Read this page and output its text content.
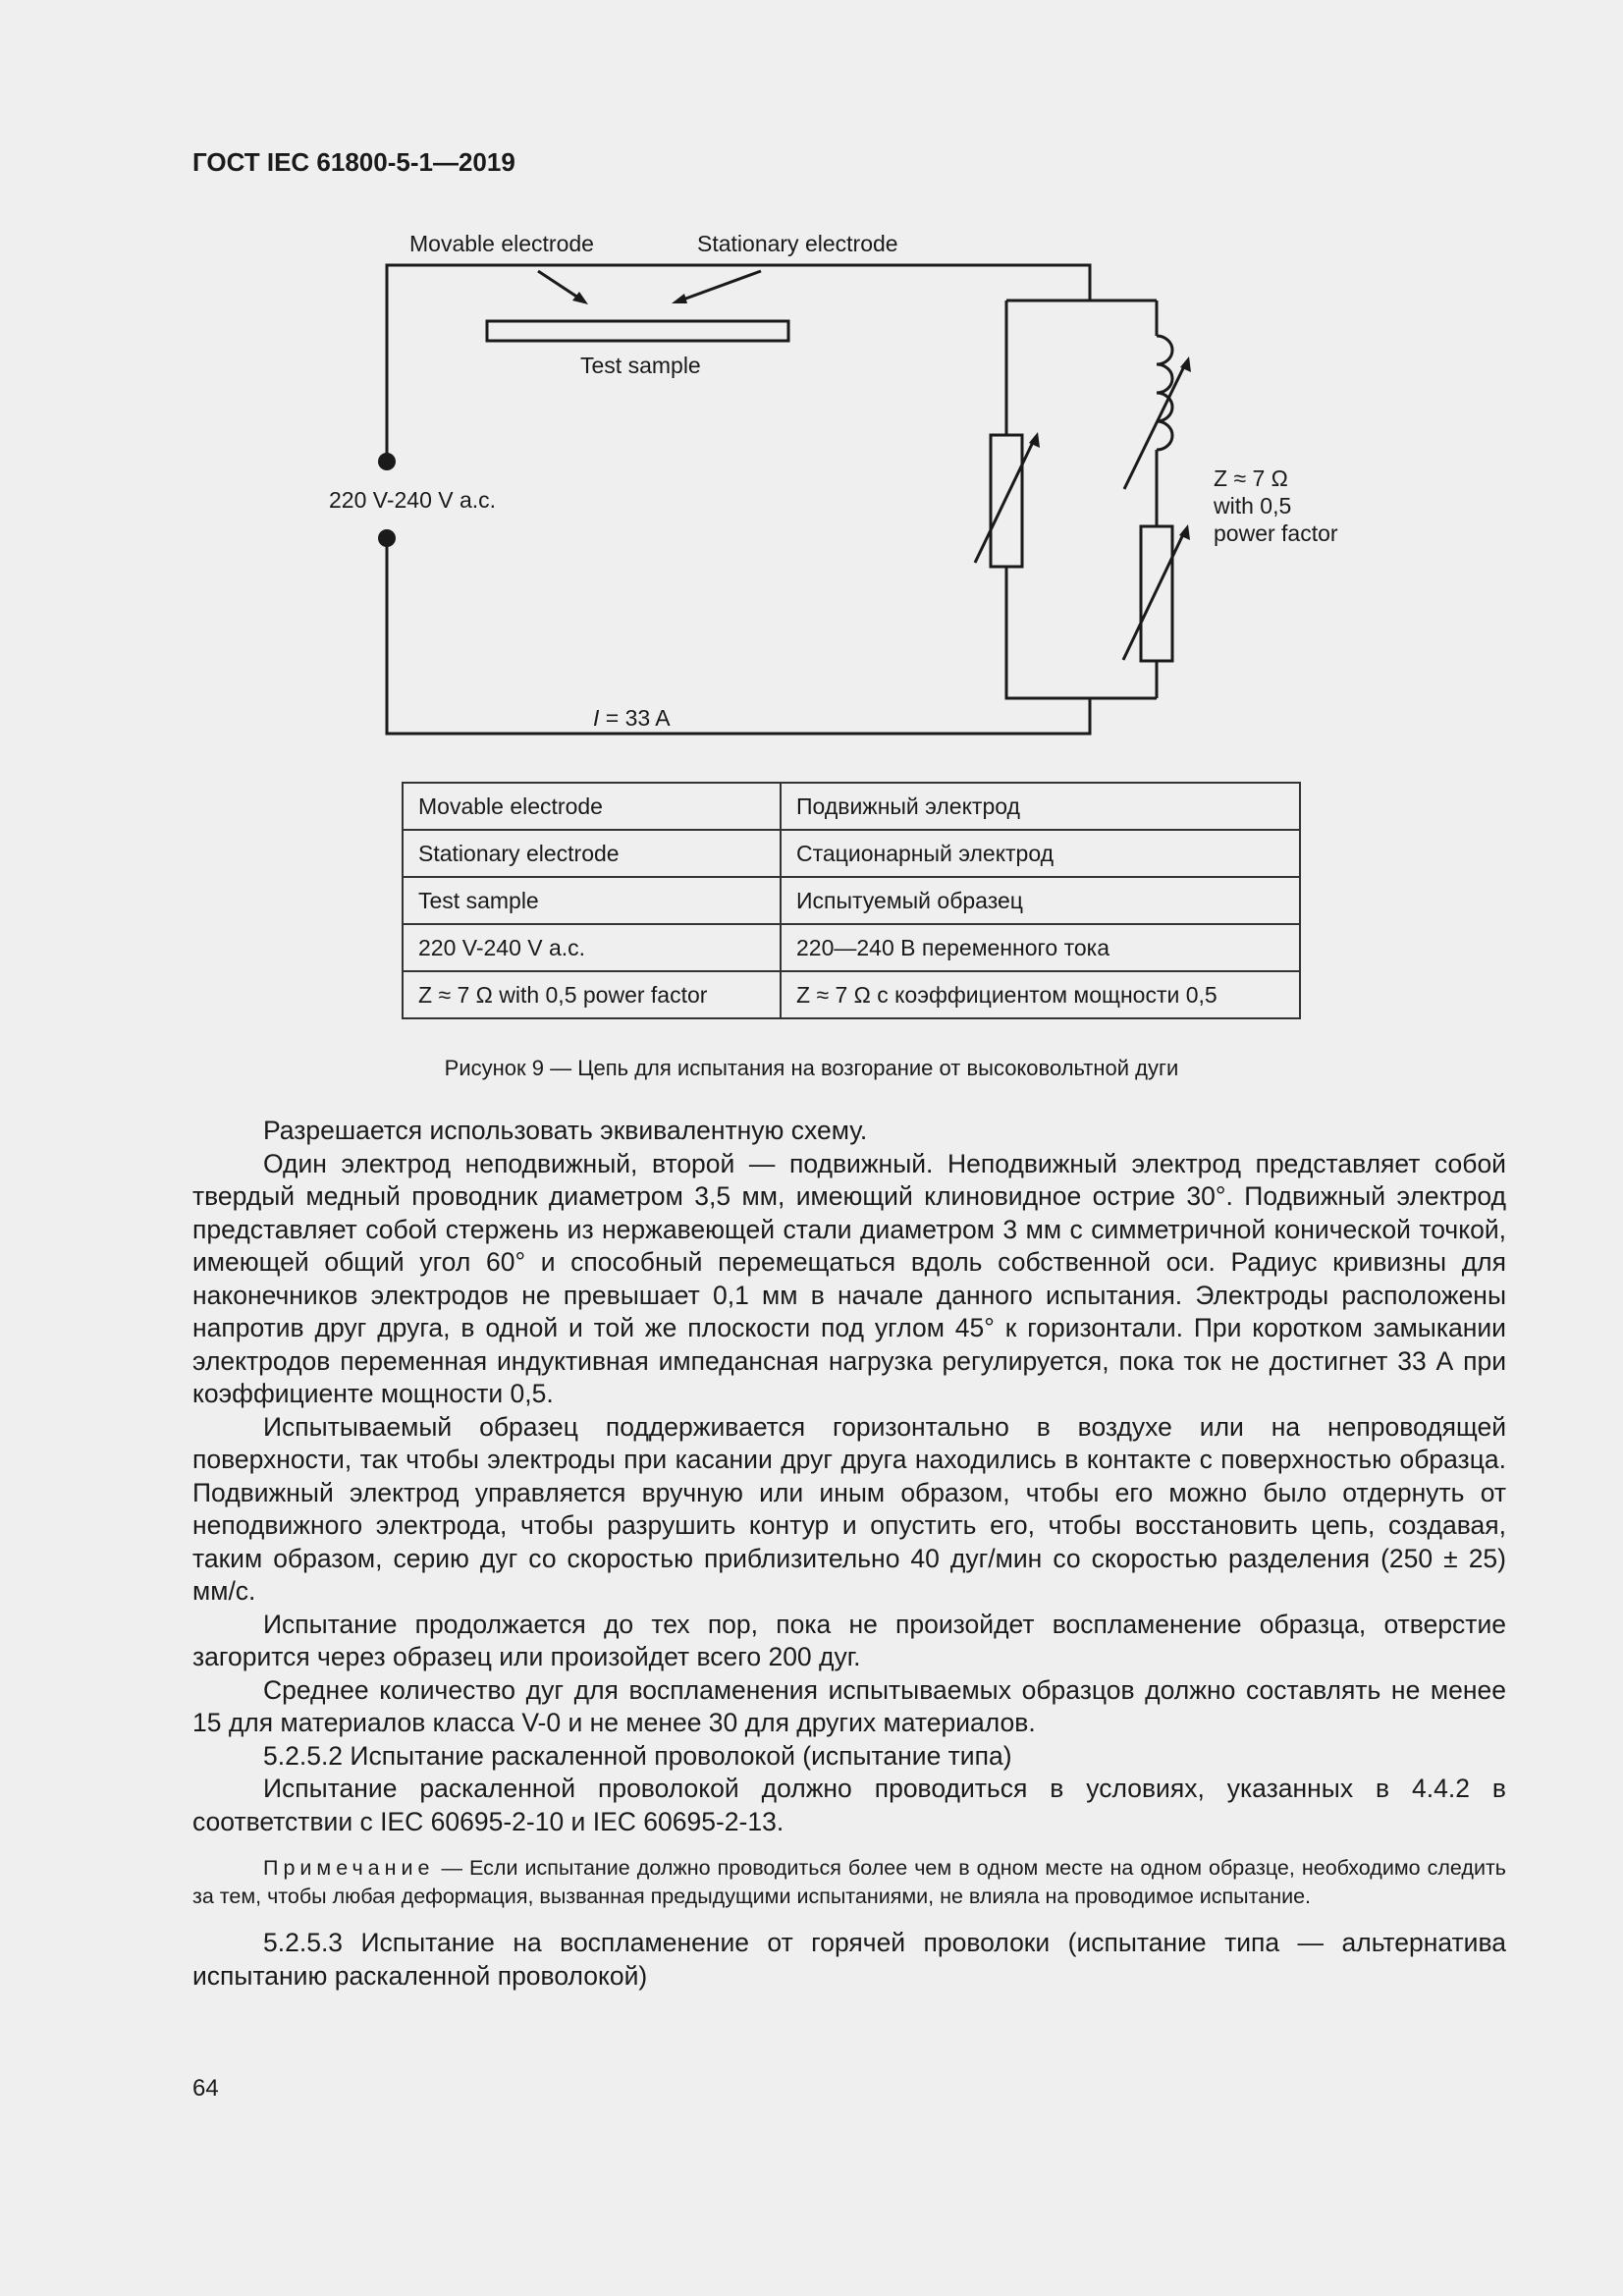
ГОСТ IEC 61800-5-1—2019
Movable electrode	Stationary electrode
Test sample
220 V-240 V a.c.
I = 33 A
Z ≈ 7 Ω
with 0,5
power factor
Movable electrode	Подвижный электрод
Stationary electrode	Стационарный электрод
Test sample	Испытуемый образец
220 V-240 V a.c.	220—240 В переменного тока
Z ≈ 7 Ω with 0,5 power factor	Z ≈ 7 Ω с коэффициентом мощности 0,5
Рисунок 9 — Цепь для испытания на возгорание от высоковольтной дуги

Разрешается использовать эквивалентную схему.

Один электрод неподвижный, второй — подвижный. Неподвижный электрод представляет собой твердый медный проводник диаметром 3,5 мм, имеющий клиновидное острие 30°. Подвижный электрод представляет собой стержень из нержавеющей стали диаметром 3 мм с симметричной конической точкой, имеющей общий угол 60° и способный перемещаться вдоль собственной оси. Радиус кривизны для наконечников электродов не превышает 0,1 мм в начале данного испытания. Электроды расположены напротив друг друга, в одной и той же плоскости под углом 45° к горизонтали. При коротком замыкании электродов переменная индуктивная импедансная нагрузка регулируется, пока ток не достигнет 33 А при коэффициенте мощности 0,5.

Испытываемый образец поддерживается горизонтально в воздухе или на непроводящей поверхности, так чтобы электроды при касании друг друга находились в контакте с поверхностью образца. Подвижный электрод управляется вручную или иным образом, чтобы его можно было отдернуть от неподвижного электрода, чтобы разрушить контур и опустить его, чтобы восстановить цепь, создавая, таким образом, серию дуг со скоростью приблизительно 40 дуг/мин со скоростью разделения (250 ± 25) мм/с.

Испытание продолжается до тех пор, пока не произойдет воспламенение образца, отверстие загорится через образец или произойдет всего 200 дуг.

Среднее количество дуг для воспламенения испытываемых образцов должно составлять не менее 15 для материалов класса V-0 и не менее 30 для других материалов.

5.2.5.2 Испытание раскаленной проволокой (испытание типа)

Испытание раскаленной проволокой должно проводиться в условиях, указанных в 4.4.2 в соответствии с IEC 60695-2-10 и IEC 60695-2-13.

Примечание — Если испытание должно проводиться более чем в одном месте на одном образце, необходимо следить за тем, чтобы любая деформация, вызванная предыдущими испытаниями, не влияла на проводимое испытание.

5.2.5.3 Испытание на воспламенение от горячей проволоки (испытание типа — альтернатива испытанию раскаленной проволокой)

64
